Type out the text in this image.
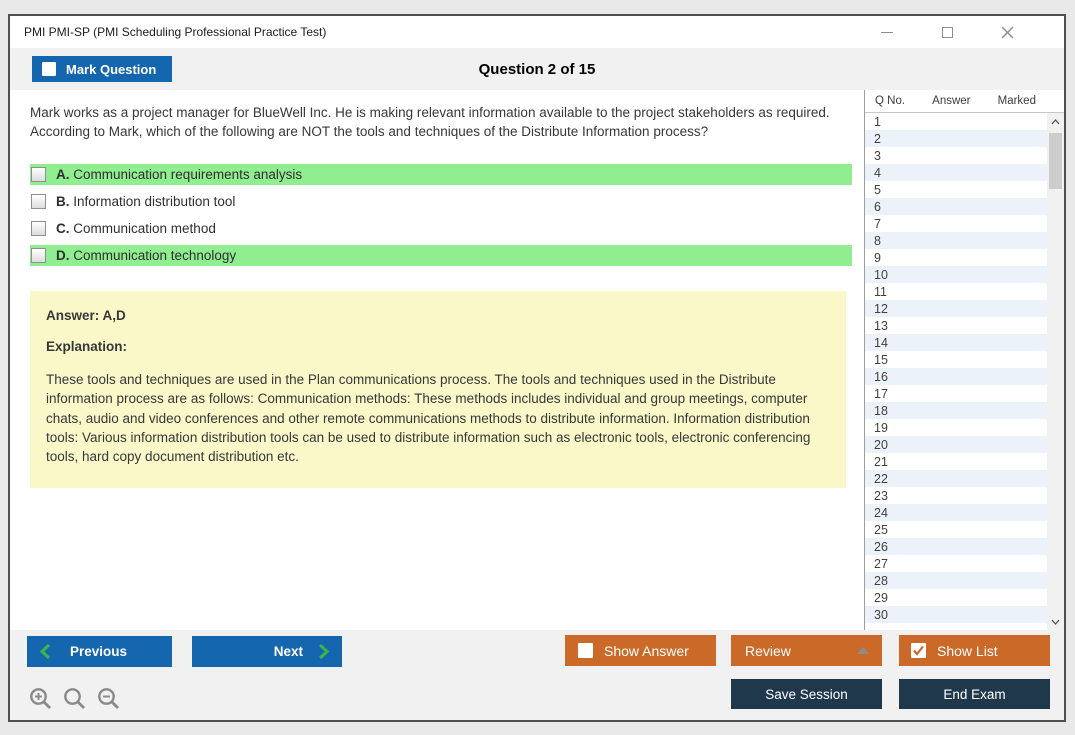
PMI PMI-SP (PMI Scheduling Professional Practice Test)
Question 2 of 15
Mark Question
Mark works as a project manager for BlueWell Inc. He is making relevant information available to the project stakeholders as required. According to Mark, which of the following are NOT the tools and techniques of the Distribute Information process?
A. Communication requirements analysis
B. Information distribution tool
C. Communication method
D. Communication technology
Answer: A,D
Explanation:
These tools and techniques are used in the Plan communications process. The tools and techniques used in the Distribute information process are as follows: Communication methods: These methods includes individual and group meetings, computer chats, audio and video conferences and other remote communications methods to distribute information. Information distribution tools: Various information distribution tools can be used to distribute information such as electronic tools, electronic conferencing tools, hard copy document distribution etc.
Q No. Answer Marked
1
2
3
4
5
6
7
8
9
10
11
12
13
14
15
16
17
18
19
20
21
22
23
24
25
26
27
28
29
30
Previous	Next	Show Answer	Review	Show List
Save Session	End Exam
